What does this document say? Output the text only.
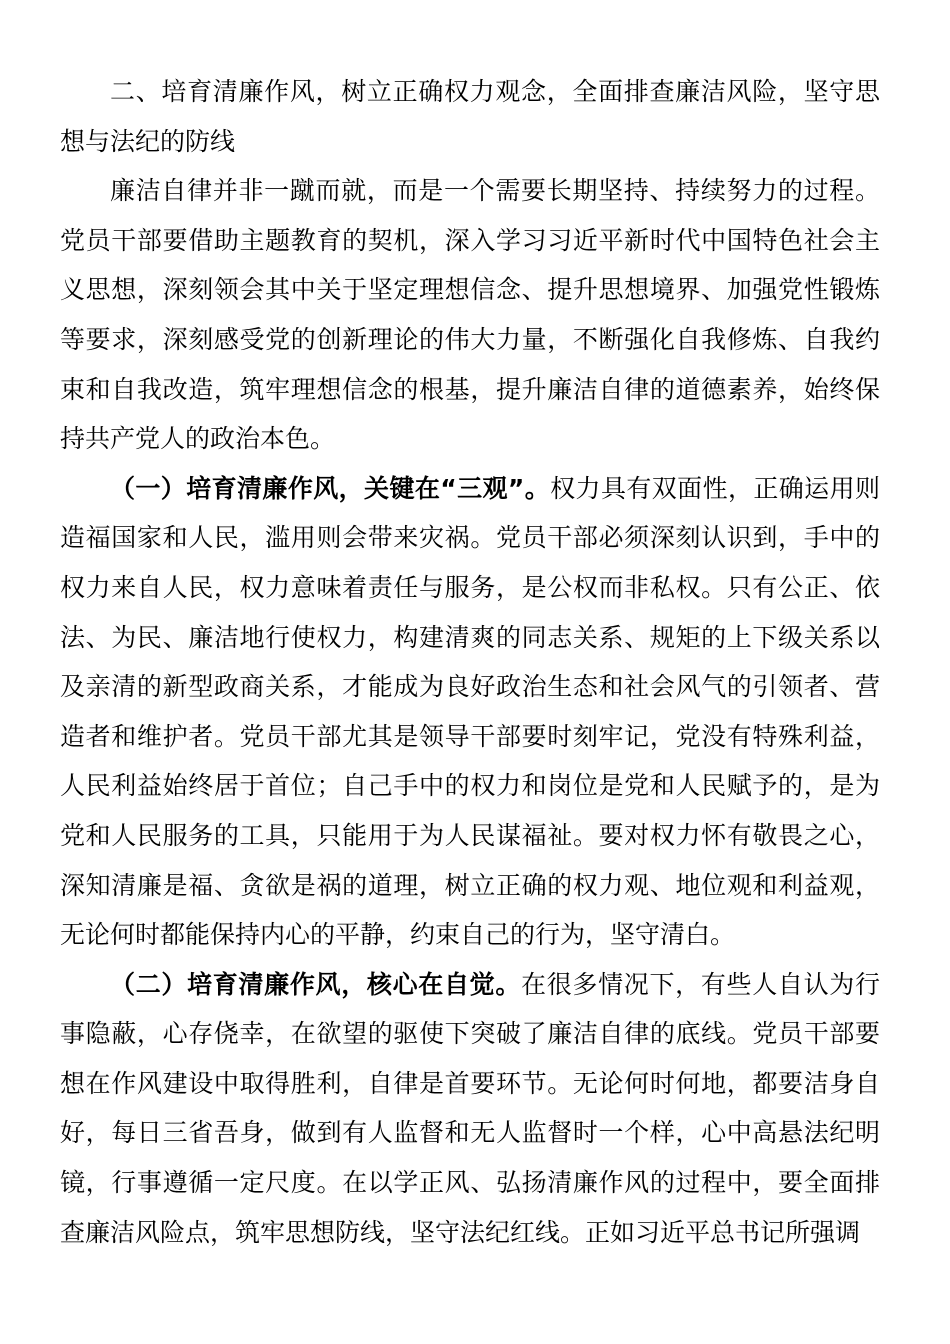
二、培育清廉作风，树立正确权力观念，全面排查廉洁风险，坚守思想与法纪的防线

廉洁自律并非一蹴而就，而是一个需要长期坚持、持续努力的过程。党员干部要借助主题教育的契机，深入学习习近平新时代中国特色社会主义思想，深刻领会其中关于坚定理想信念、提升思想境界、加强党性锻炼等要求，深刻感受党的创新理论的伟大力量，不断强化自我修炼、自我约束和自我改造，筑牢理想信念的根基，提升廉洁自律的道德素养，始终保持共产党人的政治本色。

（一）培育清廉作风，关键在“三观”。权力具有双面性，正确运用则造福国家和人民，滥用则会带来灾祸。党员干部必须深刻认识到，手中的权力来自人民，权力意味着责任与服务，是公权而非私权。只有公正、依法、为民、廉洁地行使权力，构建清爽的同志关系、规矩的上下级关系以及亲清的新型政商关系，才能成为良好政治生态和社会风气的引领者、营造者和维护者。党员干部尤其是领导干部要时刻牢记，党没有特殊利益，人民利益始终居于首位；自己手中的权力和岗位是党和人民赋予的，是为党和人民服务的工具，只能用于为人民谋福祉。要对权力怀有敬畏之心，深知清廉是福、贪欲是祸的道理，树立正确的权力观、地位观和利益观，无论何时都能保持内心的平静，约束自己的行为，坚守清白。

（二）培育清廉作风，核心在自觉。在很多情况下，有些人自认为行事隐蔽，心存侥幸，在欲望的驱使下突破了廉洁自律的底线。党员干部要想在作风建设中取得胜利，自律是首要环节。无论何时何地，都要洁身自好，每日三省吾身，做到有人监督和无人监督时一个样，心中高悬法纪明镜，行事遵循一定尺度。在以学正风、弘扬清廉作风的过程中，要全面排查廉洁风险点，筑牢思想防线，坚守法纪红线。正如习近平总书记所强调
